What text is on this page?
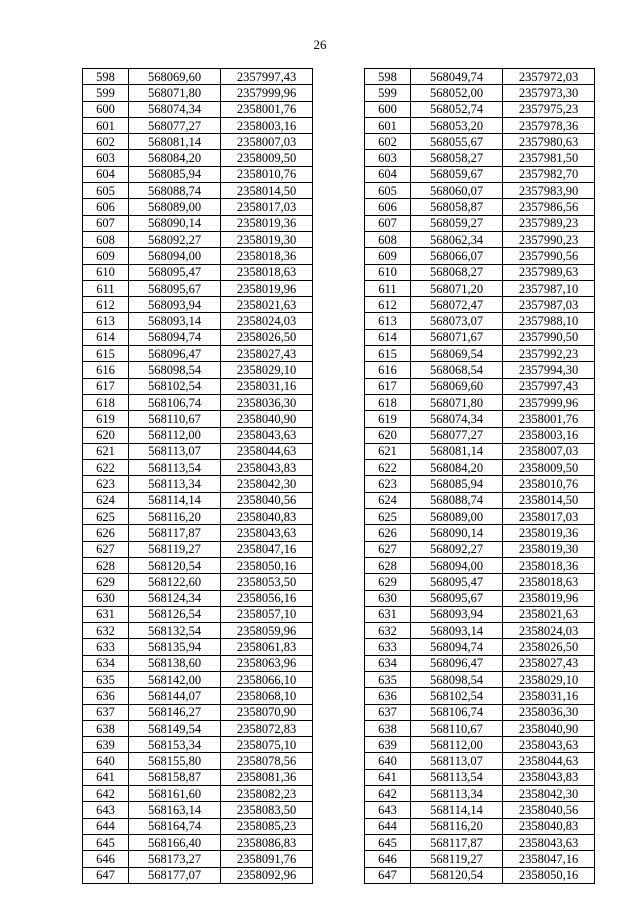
26
598	568069,60	2357997,43		598	568049,74	2357972,03
599	568071,80	2357999,96		599	568052,00	2357973,30
600	568074,34	2358001,76		600	568052,74	2357975,23
601	568077,27	2358003,16		601	568053,20	2357978,36
602	568081,14	2358007,03		602	568055,67	2357980,63
603	568084,20	2358009,50		603	568058,27	2357981,50
604	568085,94	2358010,76		604	568059,67	2357982,70
605	568088,74	2358014,50		605	568060,07	2357983,90
606	568089,00	2358017,03		606	568058,87	2357986,56
607	568090,14	2358019,36		607	568059,27	2357989,23
608	568092,27	2358019,30		608	568062,34	2357990,23
609	568094,00	2358018,36		609	568066,07	2357990,56
610	568095,47	2358018,63		610	568068,27	2357989,63
611	568095,67	2358019,96		611	568071,20	2357987,10
612	568093,94	2358021,63		612	568072,47	2357987,03
613	568093,14	2358024,03		613	568073,07	2357988,10
614	568094,74	2358026,50		614	568071,67	2357990,50
615	568096,47	2358027,43		615	568069,54	2357992,23
616	568098,54	2358029,10		616	568068,54	2357994,30
617	568102,54	2358031,16		617	568069,60	2357997,43
618	568106,74	2358036,30		618	568071,80	2357999,96
619	568110,67	2358040,90		619	568074,34	2358001,76
620	568112,00	2358043,63		620	568077,27	2358003,16
621	568113,07	2358044,63		621	568081,14	2358007,03
622	568113,54	2358043,83		622	568084,20	2358009,50
623	568113,34	2358042,30		623	568085,94	2358010,76
624	568114,14	2358040,56		624	568088,74	2358014,50
625	568116,20	2358040,83		625	568089,00	2358017,03
626	568117,87	2358043,63		626	568090,14	2358019,36
627	568119,27	2358047,16		627	568092,27	2358019,30
628	568120,54	2358050,16		628	568094,00	2358018,36
629	568122,60	2358053,50		629	568095,47	2358018,63
630	568124,34	2358056,16		630	568095,67	2358019,96
631	568126,54	2358057,10		631	568093,94	2358021,63
632	568132,54	2358059,96		632	568093,14	2358024,03
633	568135,94	2358061,83		633	568094,74	2358026,50
634	568138,60	2358063,96		634	568096,47	2358027,43
635	568142,00	2358066,10		635	568098,54	2358029,10
636	568144,07	2358068,10		636	568102,54	2358031,16
637	568146,27	2358070,90		637	568106,74	2358036,30
638	568149,54	2358072,83		638	568110,67	2358040,90
639	568153,34	2358075,10		639	568112,00	2358043,63
640	568155,80	2358078,56		640	568113,07	2358044,63
641	568158,87	2358081,36		641	568113,54	2358043,83
642	568161,60	2358082,23		642	568113,34	2358042,30
643	568163,14	2358083,50		643	568114,14	2358040,56
644	568164,74	2358085,23		644	568116,20	2358040,83
645	568166,40	2358086,83		645	568117,87	2358043,63
646	568173,27	2358091,76		646	568119,27	2358047,16
647	568177,07	2358092,96		647	568120,54	2358050,16
